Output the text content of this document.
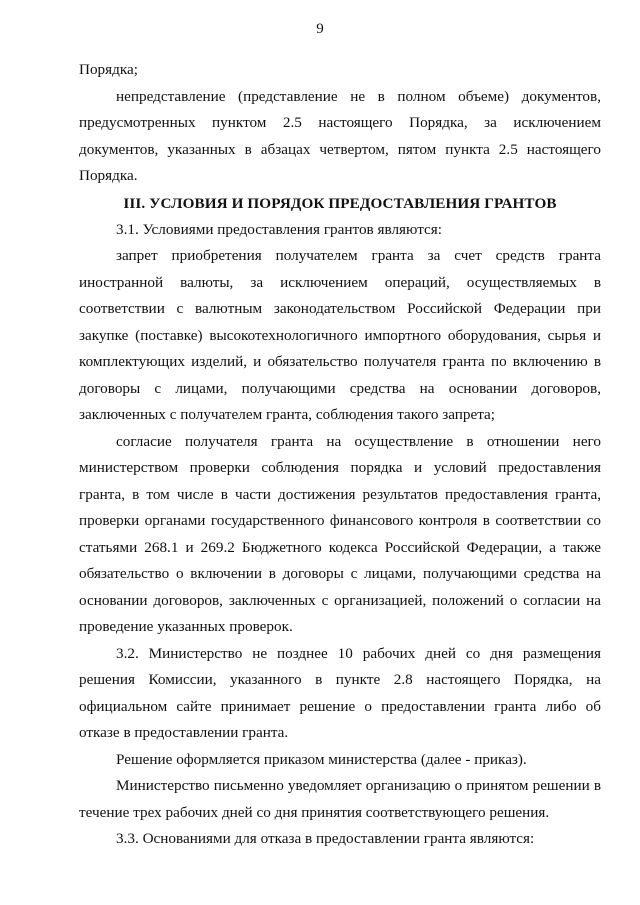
9

Порядка;

непредставление (представление не в полном объеме) документов, предусмотренных пунктом 2.5 настоящего Порядка, за исключением документов, указанных в абзацах четвертом, пятом пункта 2.5 настоящего Порядка.

III. УСЛОВИЯ И ПОРЯДОК ПРЕДОСТАВЛЕНИЯ ГРАНТОВ

3.1. Условиями предоставления грантов являются:

запрет приобретения получателем гранта за счет средств гранта иностранной валюты, за исключением операций, осуществляемых в соответствии с валютным законодательством Российской Федерации при закупке (поставке) высокотехнологичного импортного оборудования, сырья и комплектующих изделий, и обязательство получателя гранта по включению в договоры с лицами, получающими средства на основании договоров, заключенных с получателем гранта, соблюдения такого запрета;

согласие получателя гранта на осуществление в отношении него министерством проверки соблюдения порядка и условий предоставления гранта, в том числе в части достижения результатов предоставления гранта, проверки органами государственного финансового контроля в соответствии со статьями 268.1 и 269.2 Бюджетного кодекса Российской Федерации, а также обязательство о включении в договоры с лицами, получающими средства на основании договоров, заключенных с организацией, положений о согласии на проведение указанных проверок.

3.2. Министерство не позднее 10 рабочих дней со дня размещения решения Комиссии, указанного в пункте 2.8 настоящего Порядка, на официальном сайте принимает решение о предоставлении гранта либо об отказе в предоставлении гранта.

Решение оформляется приказом министерства (далее - приказ).

Министерство письменно уведомляет организацию о принятом решении в течение трех рабочих дней со дня принятия соответствующего решения.

3.3. Основаниями для отказа в предоставлении гранта являются:
